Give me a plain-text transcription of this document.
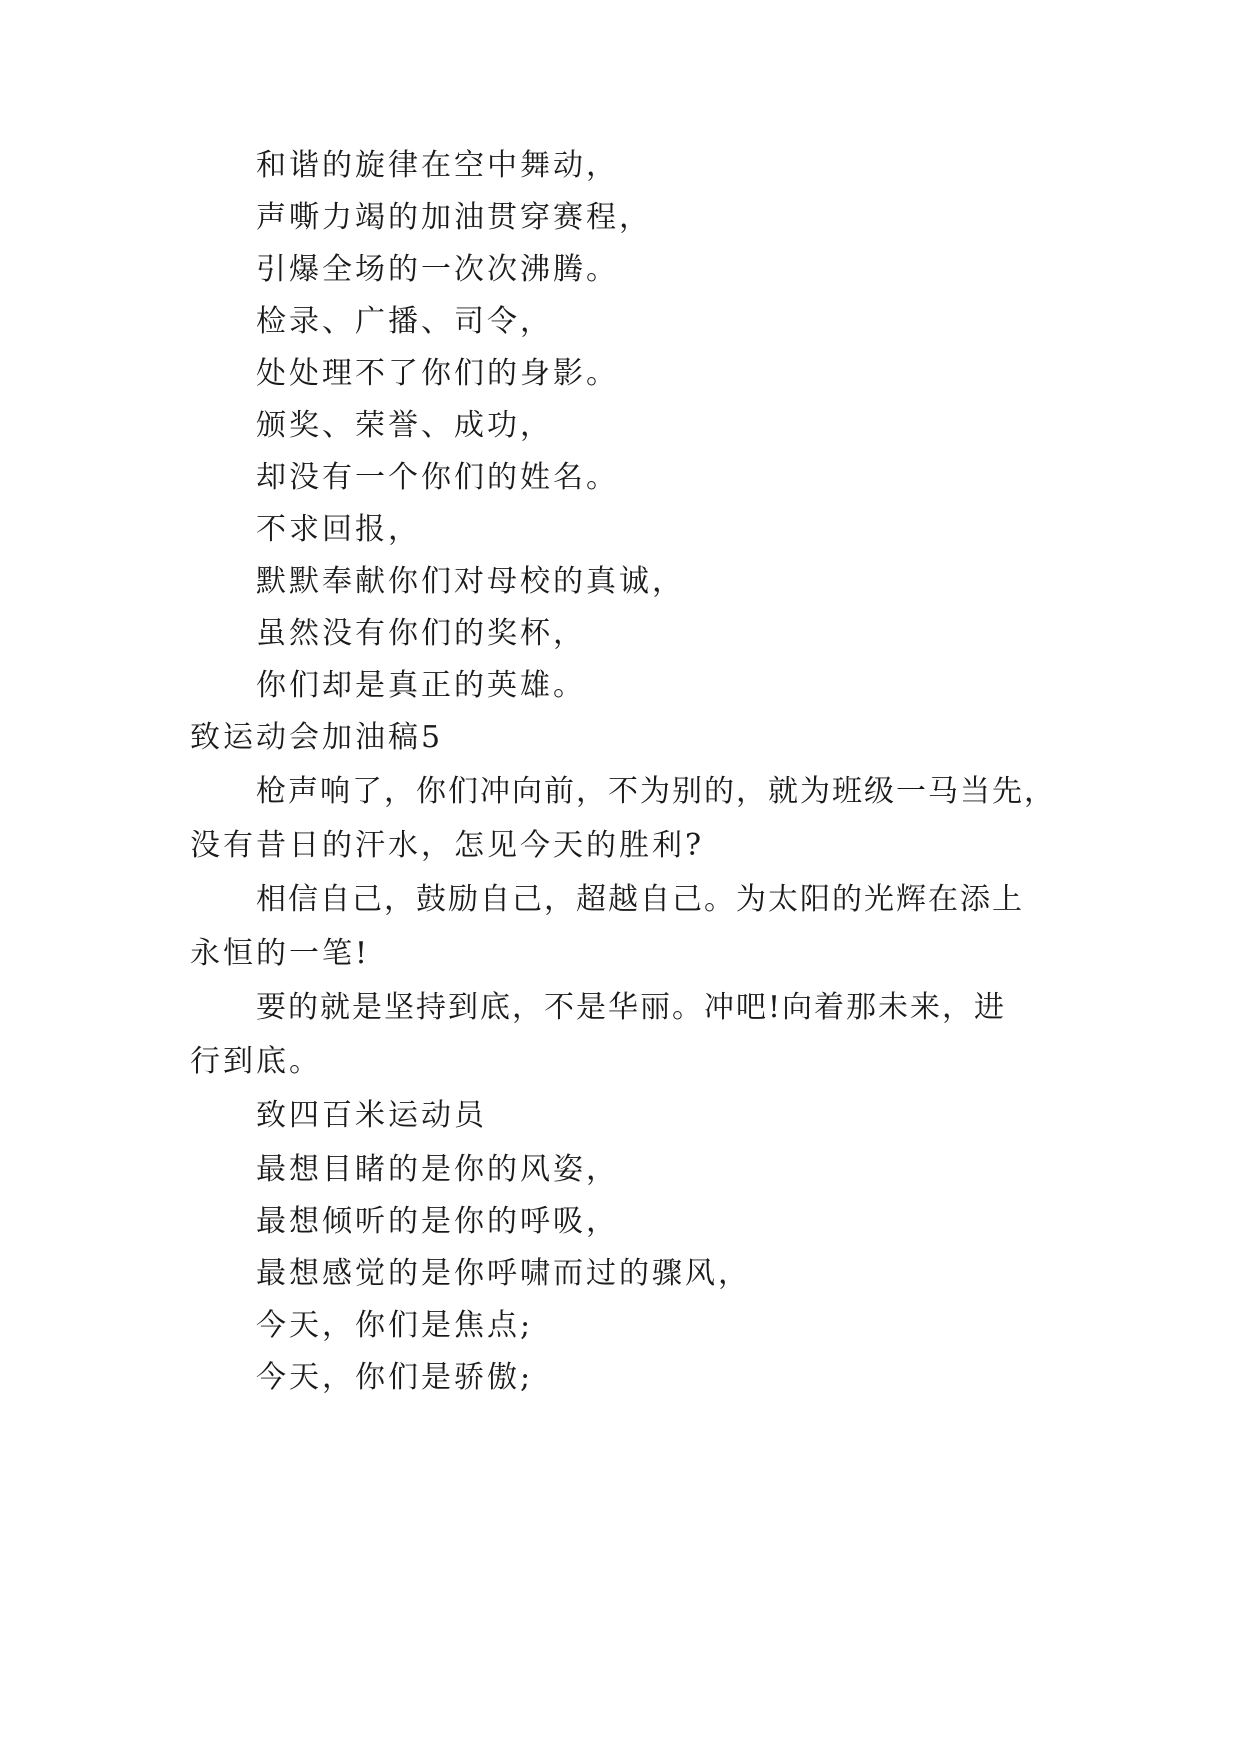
和谐的旋律在空中舞动，
声嘶力竭的加油贯穿赛程，
引爆全场的一次次沸腾。
检录、广播、司令，
处处理不了你们的身影。
颁奖、荣誉、成功，
却没有一个你们的姓名。
不求回报，
默默奉献你们对母校的真诚，
虽然没有你们的奖杯，
你们却是真正的英雄。
致运动会加油稿5
枪声响了，你们冲向前，不为别的，就为班级一马当先，
没有昔日的汗水，怎见今天的胜利?
相信自己，鼓励自己，超越自己。为太阳的光辉在添上
永恒的一笔!
要的就是坚持到底，不是华丽。冲吧!向着那未来，进
行到底。
致四百米运动员
最想目睹的是你的风姿，
最想倾听的是你的呼吸，
最想感觉的是你呼啸而过的骤风，
今天，你们是焦点;
今天，你们是骄傲;
